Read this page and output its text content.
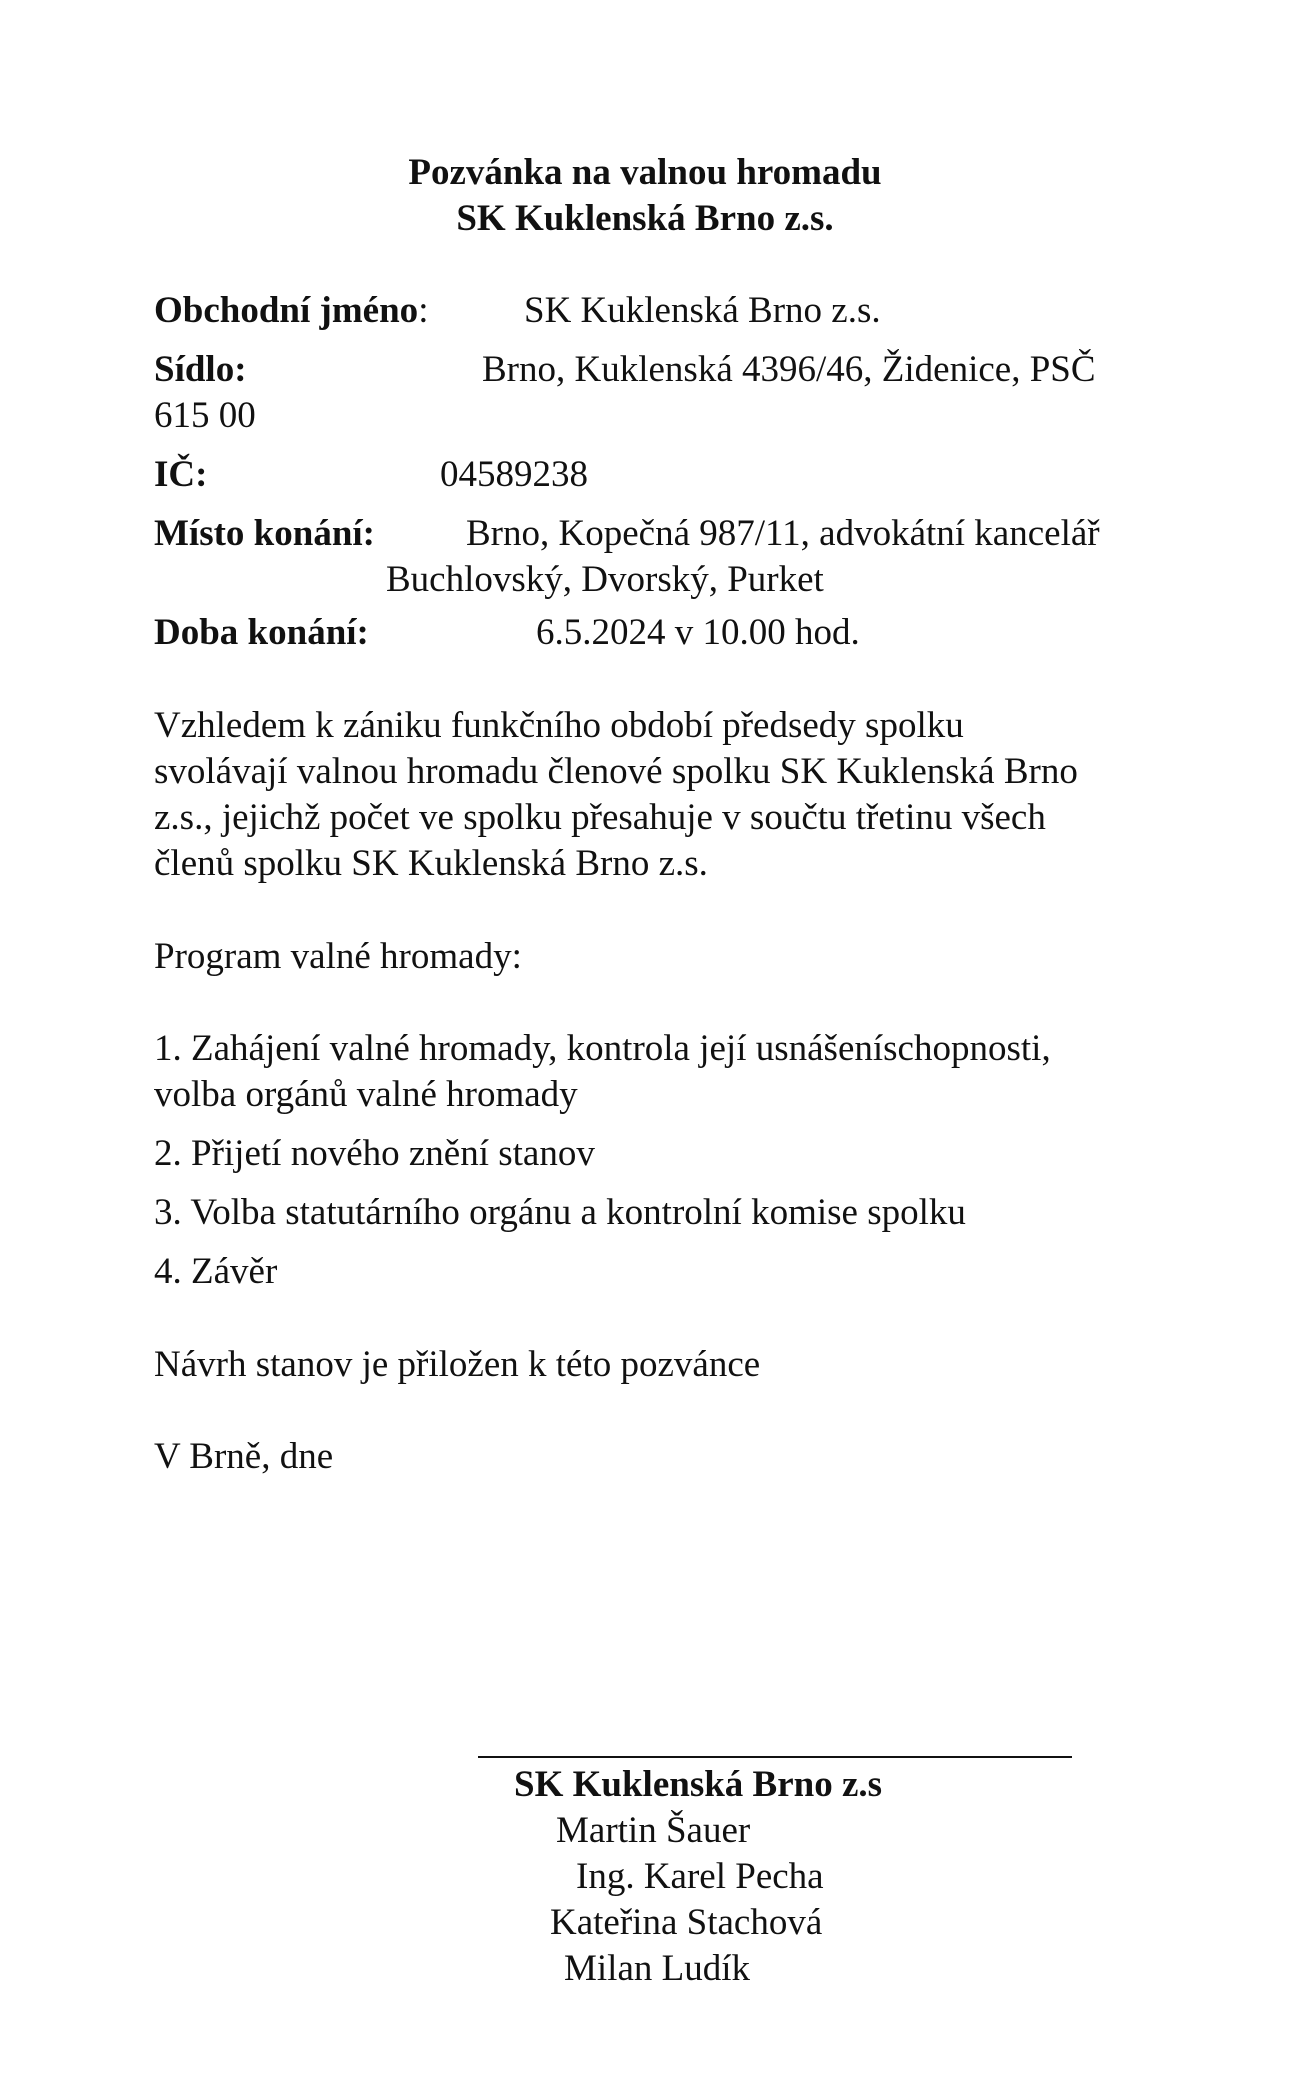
Pozvánka na valnou hromadu
SK Kuklenská Brno z.s.
Obchodní jméno:	SK Kuklenská Brno z.s.
Sídlo:	Brno, Kuklenská 4396/46, Židenice, PSČ
615 00
IČ:	04589238
Místo konání: Brno, Kopečná 987/11, advokátní kancelář
Buchlovský, Dvorský, Purket
Doba konání:	6.5.2024 v 10.00 hod.
Vzhledem k zániku funkčního období předsedy spolku
svolávají valnou hromadu členové spolku SK Kuklenská Brno
z.s., jejichž počet ve spolku přesahuje v součtu třetinu všech
členů spolku SK Kuklenská Brno z.s.
Program valné hromady:
1. Zahájení valné hromady, kontrola její usnášeníschopnosti,
volba orgánů valné hromady
2. Přijetí nového znění stanov
3. Volba statutárního orgánu a kontrolní komise spolku
4. Závěr
Návrh stanov je přiložen k této pozvánce
V Brně, dne
SK Kuklenská Brno z.s
Martin Šauer
Ing. Karel Pecha
Kateřina Stachová
Milan Ludík
